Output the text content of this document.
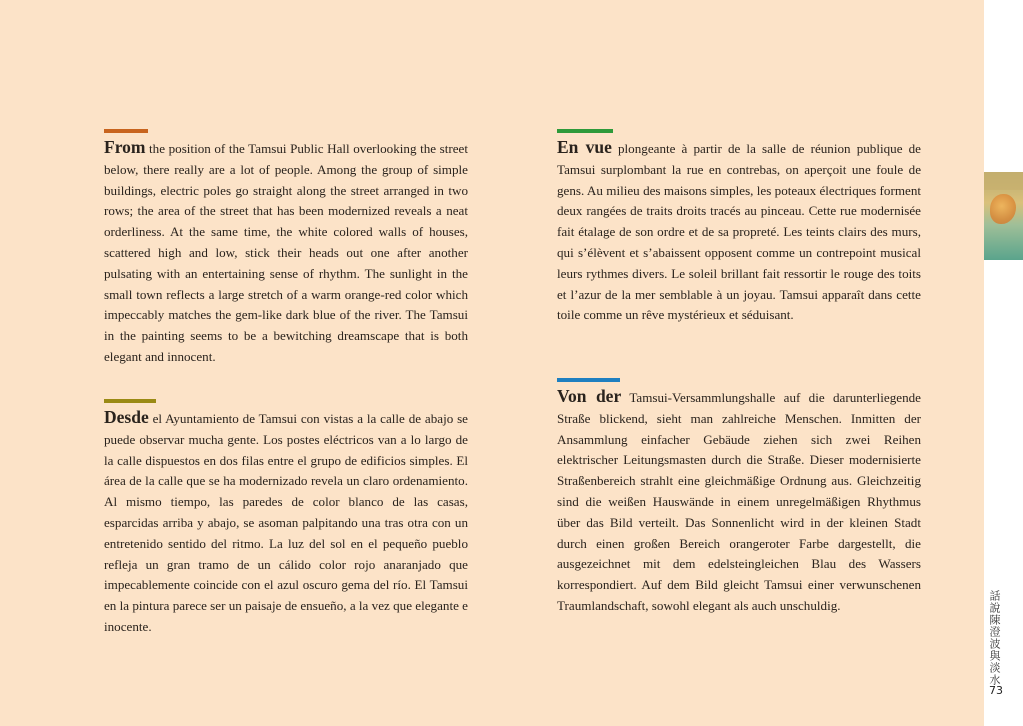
From the position of the Tamsui Public Hall overlooking the street below, there really are a lot of people. Among the group of simple buildings, electric poles go straight along the street arranged in two rows; the area of the street that has been modernized reveals a neat orderliness. At the same time, the white colored walls of houses, scattered high and low, stick their heads out one after another pulsating with an entertaining sense of rhythm. The sunlight in the small town reflects a large stretch of a warm orange-red color which impeccably matches the gem-like dark blue of the river. The Tamsui in the painting seems to be a bewitching dreamscape that is both elegant and innocent.

Desde el Ayuntamiento de Tamsui con vistas a la calle de abajo se puede observar mucha gente. Los postes eléctricos van a lo largo de la calle dispuestos en dos filas entre el grupo de edificios simples. El área de la calle que se ha modernizado revela un claro ordenamiento. Al mismo tiempo, las paredes de color blanco de las casas, esparcidas arriba y abajo, se asoman palpitando una tras otra con un entretenido sentido del ritmo. La luz del sol en el pequeño pueblo refleja un gran tramo de un cálido color rojo anaranjado que impecablemente coincide con el azul oscuro gema del río. El Tamsui en la pintura parece ser un paisaje de ensueño, a la vez que elegante e inocente.

En vue plongeante à partir de la salle de réunion publique de Tamsui surplombant la rue en contrebas, on aperçoit une foule de gens. Au milieu des maisons simples, les poteaux électriques forment deux rangées de traits droits tracés au pinceau. Cette rue modernisée fait étalage de son ordre et de sa propreté. Les teints clairs des murs, qui s’élèvent et s’abaissent opposent comme un contrepoint musical leurs rythmes divers. Le soleil brillant fait ressortir le rouge des toits et l’azur de la mer semblable à un joyau. Tamsui apparaît dans cette toile comme un rêve mystérieux et séduisant.

Von der Tamsui-Versammlungshalle auf die darunterliegende Straße blickend, sieht man zahlreiche Menschen. Inmitten der Ansammlung einfacher Gebäude ziehen sich zwei Reihen elektrischer Leitungsmasten durch die Straße. Dieser modernisierte Straßenbereich strahlt eine gleichmäßige Ordnung aus. Gleichzeitig sind die weißen Hauswände in einem unregelmäßigen Rhythmus über das Bild verteilt. Das Sonnenlicht wird in der kleinen Stadt durch einen großen Bereich orangeroter Farbe dargestellt, die ausgezeichnet mit dem edelsteingleichen Blau des Wassers korrespondiert. Auf dem Bild gleicht Tamsui einer verwunschenen Traumlandschaft, sowohl elegant als auch unschuldig.	話說陳澄波與淡水
73
